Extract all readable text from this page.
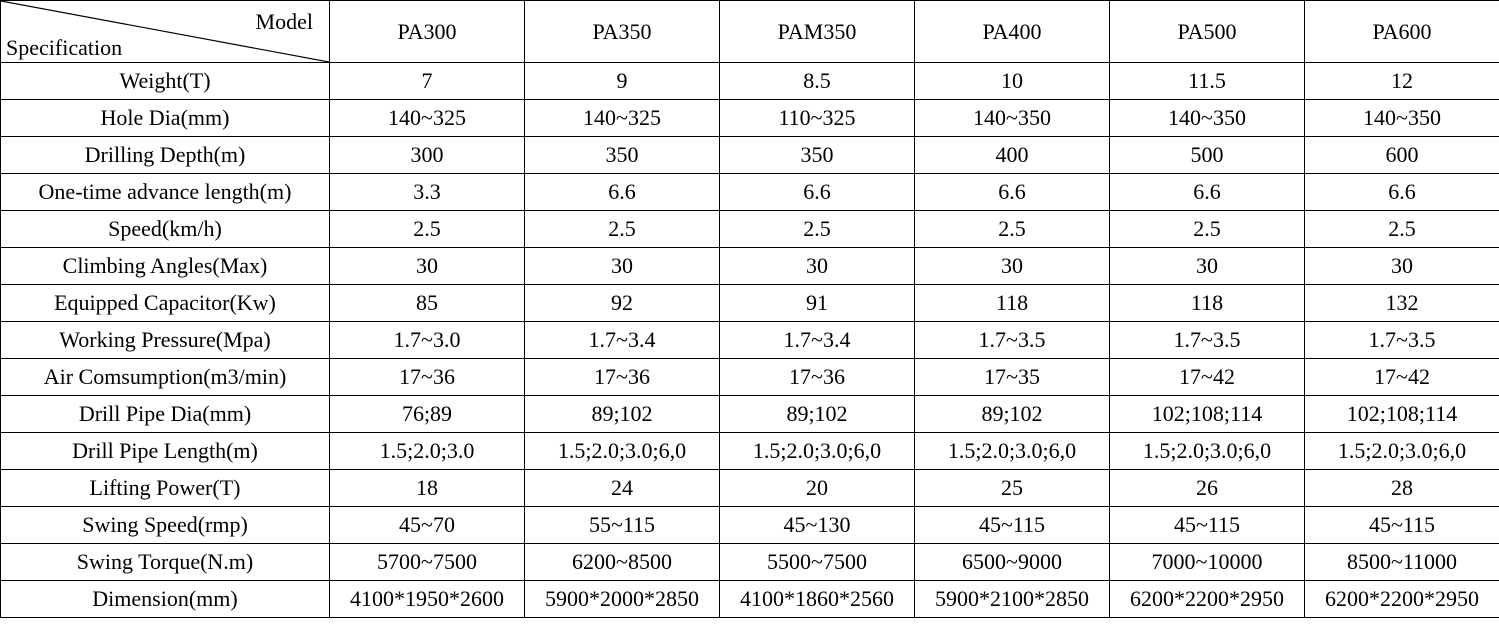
Model
Specification	PA300	PA350	PAM350	PA400	PA500	PA600
Weight(T)	7	9	8.5	10	11.5	12
Hole Dia(mm)	140~325	140~325	110~325	140~350	140~350	140~350
Drilling Depth(m)	300	350	350	400	500	600
One-time advance length(m)	3.3	6.6	6.6	6.6	6.6	6.6
Speed(km/h)	2.5	2.5	2.5	2.5	2.5	2.5
Climbing Angles(Max)	30	30	30	30	30	30
Equipped Capacitor(Kw)	85	92	91	118	118	132
Working Pressure(Mpa)	1.7~3.0	1.7~3.4	1.7~3.4	1.7~3.5	1.7~3.5	1.7~3.5
Air Comsumption(m3/min)	17~36	17~36	17~36	17~35	17~42	17~42
Drill Pipe Dia(mm)	76;89	89;102	89;102	89;102	102;108;114	102;108;114
Drill Pipe Length(m)	1.5;2.0;3.0	1.5;2.0;3.0;6,0	1.5;2.0;3.0;6,0	1.5;2.0;3.0;6,0	1.5;2.0;3.0;6,0	1.5;2.0;3.0;6,0
Lifting Power(T)	18	24	20	25	26	28
Swing Speed(rmp)	45~70	55~115	45~130	45~115	45~115	45~115
Swing Torque(N.m)	5700~7500	6200~8500	5500~7500	6500~9000	7000~10000	8500~11000
Dimension(mm)	4100*1950*2600	5900*2000*2850	4100*1860*2560	5900*2100*2850	6200*2200*2950	6200*2200*2950
